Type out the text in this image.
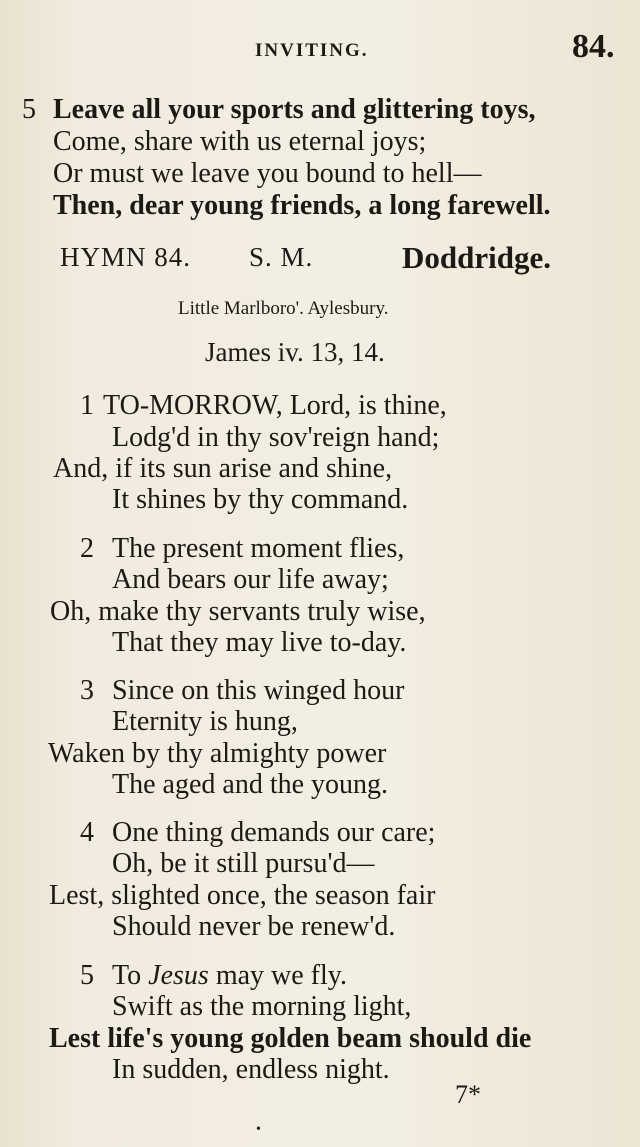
INVITING.	84.
5 Leave all your sports and glittering toys,
Come, share with us eternal joys;
Or must we leave you bound to hell—
Then, dear young friends, a long farewell.
HYMN 84. S. M.	Doddridge.
Little Marlboro'. Aylesbury.
James iv. 13, 14.
1 TO-MORROW, Lord, is thine,
Lodg'd in thy sov'reign hand;
And, if its sun arise and shine,
It shines by thy command.
2 The present moment flies,
And bears our life away;
Oh, make thy servants truly wise,
That they may live to-day.
3 Since on this winged hour
Eternity is hung,
Waken by thy almighty power
The aged and the young.
4 One thing demands our care;
Oh, be it still pursu'd—
Lest, slighted once, the season fair
Should never be renew'd.
5 To Jesus may we fly.
Swift as the morning light,
Lest life's young golden beam should die
In sudden, endless night.
7*
•
